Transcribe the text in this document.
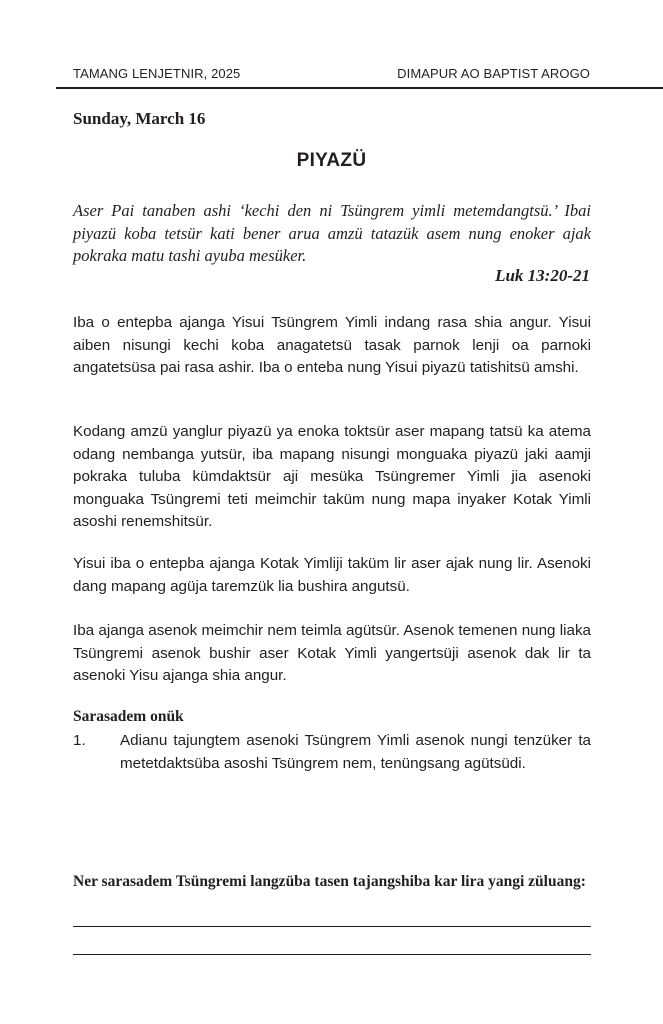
TAMANG LENJETNIR, 2025	DIMAPUR AO BAPTIST AROGO
Sunday, March 16
PIYAZÜ

Aser Pai tanaben ashi ‘kechi den ni Tsüngrem yimli metemdangtsü.’ Ibai piyazü koba tetsür kati bener arua amzü tatazük asem nung enoker ajak pokraka matu tashi ayuba mesüker.

Luk 13:20-21

Iba o entepba ajanga Yisui Tsüngrem Yimli indang rasa shia angur. Yisui aiben nisungi kechi koba anagatetsü tasak parnok lenji oa parnoki angatetsüsa pai rasa ashir. Iba o enteba nung Yisui piyazü tatishitsü amshi.

Kodang amzü yanglur piyazü ya enoka toktsür aser mapang tatsü ka atema odang nembanga yutsür, iba mapang nisungi monguaka piyazü jaki aamji pokraka tuluba kümdaktsür aji mesüka Tsüngremer Yimli jia asenoki monguaka Tsüngremi teti meimchir taküm nung mapa inyaker Kotak Yimli asoshi renemshitsür.

Yisui iba o entepba ajanga Kotak Yimliji taküm lir aser ajak nung lir. Asenoki dang mapang agüja taremzük lia bushira angutsü.

Iba ajanga asenok meimchir nem teimla agütsür. Asenok temenen nung liaka Tsüngremi asenok bushir aser Kotak Yimli yangertsüji asenok dak lir ta asenoki Yisu ajanga shia angur.

Sarasadem onük
1.	Adianu tajungtem asenoki Tsüngrem Yimli asenok nungi tenzüker ta metetdaktsüba asoshi Tsüngrem nem, tenüngsang agütsüdi.
Ner sarasadem Tsüngremi langzüba tasen tajangshiba kar lira yangi züluang:
